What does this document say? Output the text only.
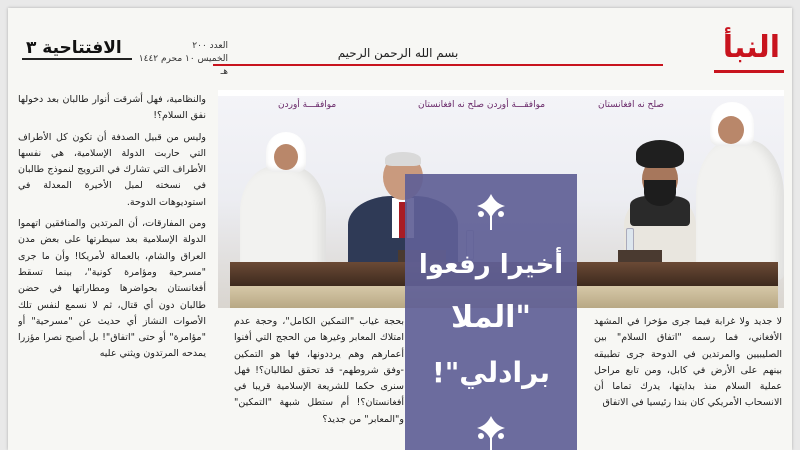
النبأ
بسم الله الرحمن الرحيم
العدد ٢٠٠
الخميس ١٠ محرم ١٤٤٢ هـ
الافتتاحية ٣

والنظامية، فهل أشرقت أنوار طالبان بعد دخولها نفق السلام؟!

وليس من قبيل الصدفة أن تكون كل الأطراف التي حاربت الدولة الإسلامية، هي نفسها الأطراف التي تشارك في الترويج لنموذج طالبان في نسخته لمبل الأخيرة المعدلة في استوديوهات الدوحة.

ومن المفارقات، أن المرتدين والمنافقين اتهموا الدولة الإسلامية بعد سيطرتها على بعض مدن العراق والشام، بالعمالة لأمريكا! وأن ما جرى "مسرحية ومؤامرة كونية"، بينما تسقط أفغانستان بحواضرها ومطاراتها في حضن طالبان دون أي قتال، ثم لا نسمع لنفس تلك الأصوات النشاز أي حديث عن "مسرحية" أو "مؤامرة" أو حتى "اتفاق"! بل أصبح نصرا مؤزرا يمدحه المرتدون ويثني عليه

موافقـــة أوردن	موافقـــة أوردن صلح نه افغانستان	صلح نه افغانستان

بحجة غياب "التمكين الكامل"، وحجة عدم امتلاك المعابر وغيرها من الحجج التي أفنوا أعمارهم وهم يرددونها، فها هو التمكين -وفق شروطهم- قد تحقق لطالبان؟! فهل سنرى حكما للشريعة الإسلامية قريبا في أفغانستان؟! أم ستطل شبهة "التمكين" و"المعابر" من جديد؟

لا جديد ولا غرابة فيما جرى مؤخرا في المشهد الأفغاني، فما رسمه "اتفاق السلام" بين الصليبيين والمرتدين في الدوحة جرى تطبيقه بينهم على الأرض في كابل، ومن تابع مراحل عملية السلام منذ بدايتها، يدرك تماما أن الانسحاب الأمريكي كان بندا رئيسيا في الاتفاق

أخيرا رفعوا
"الملا
برادلي"!
